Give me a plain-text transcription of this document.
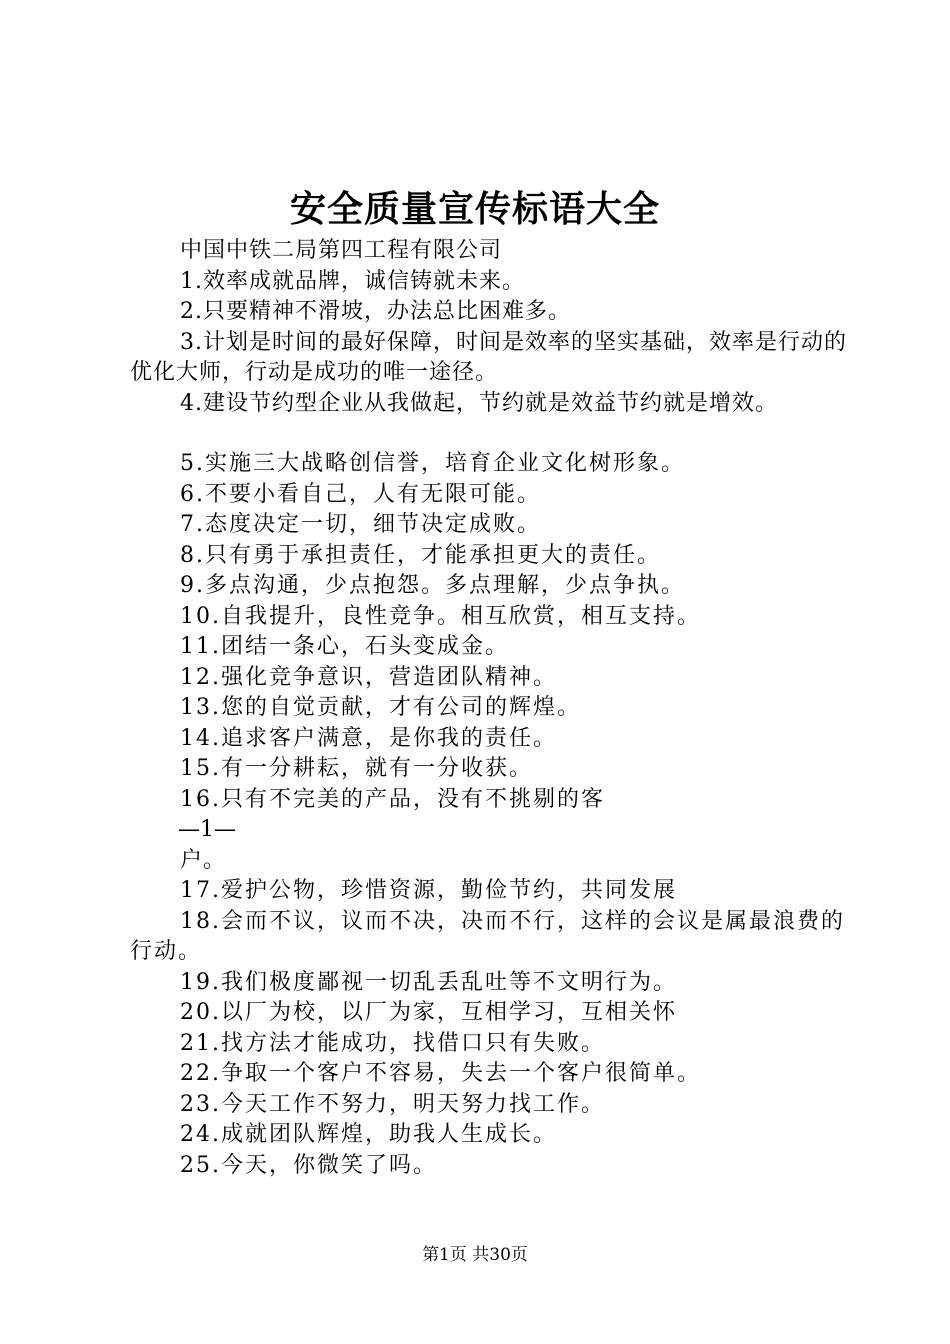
安全质量宣传标语大全

中国中铁二局第四工程有限公司

1.效率成就品牌，诚信铸就未来。

2.只要精神不滑坡，办法总比困难多。

3.计划是时间的最好保障，时间是效率的坚实基础，效率是行动的优化大师，行动是成功的唯一途径。

4.建设节约型企业从我做起，节约就是效益节约就是增效。

5.实施三大战略创信誉，培育企业文化树形象。

6.不要小看自己，人有无限可能。

7.态度决定一切，细节决定成败。

8.只有勇于承担责任，才能承担更大的责任。

9.多点沟通，少点抱怨。多点理解，少点争执。

10.自我提升，良性竞争。相互欣赏，相互支持。

11.团结一条心，石头变成金。

12.强化竞争意识，营造团队精神。

13.您的自觉贡献，才有公司的辉煌。

14.追求客户满意，是你我的责任。

15.有一分耕耘，就有一分收获。

16.只有不完美的产品，没有不挑剔的客

—1—

户。

17.爱护公物，珍惜资源，勤俭节约，共同发展

18.会而不议，议而不决，决而不行，这样的会议是属最浪费的行动。

19.我们极度鄙视一切乱丢乱吐等不文明行为。

20.以厂为校，以厂为家，互相学习，互相关怀

21.找方法才能成功，找借口只有失败。

22.争取一个客户不容易，失去一个客户很简单。

23.今天工作不努力，明天努力找工作。

24.成就团队辉煌，助我人生成长。

25.今天，你微笑了吗。

第1页 共30页
